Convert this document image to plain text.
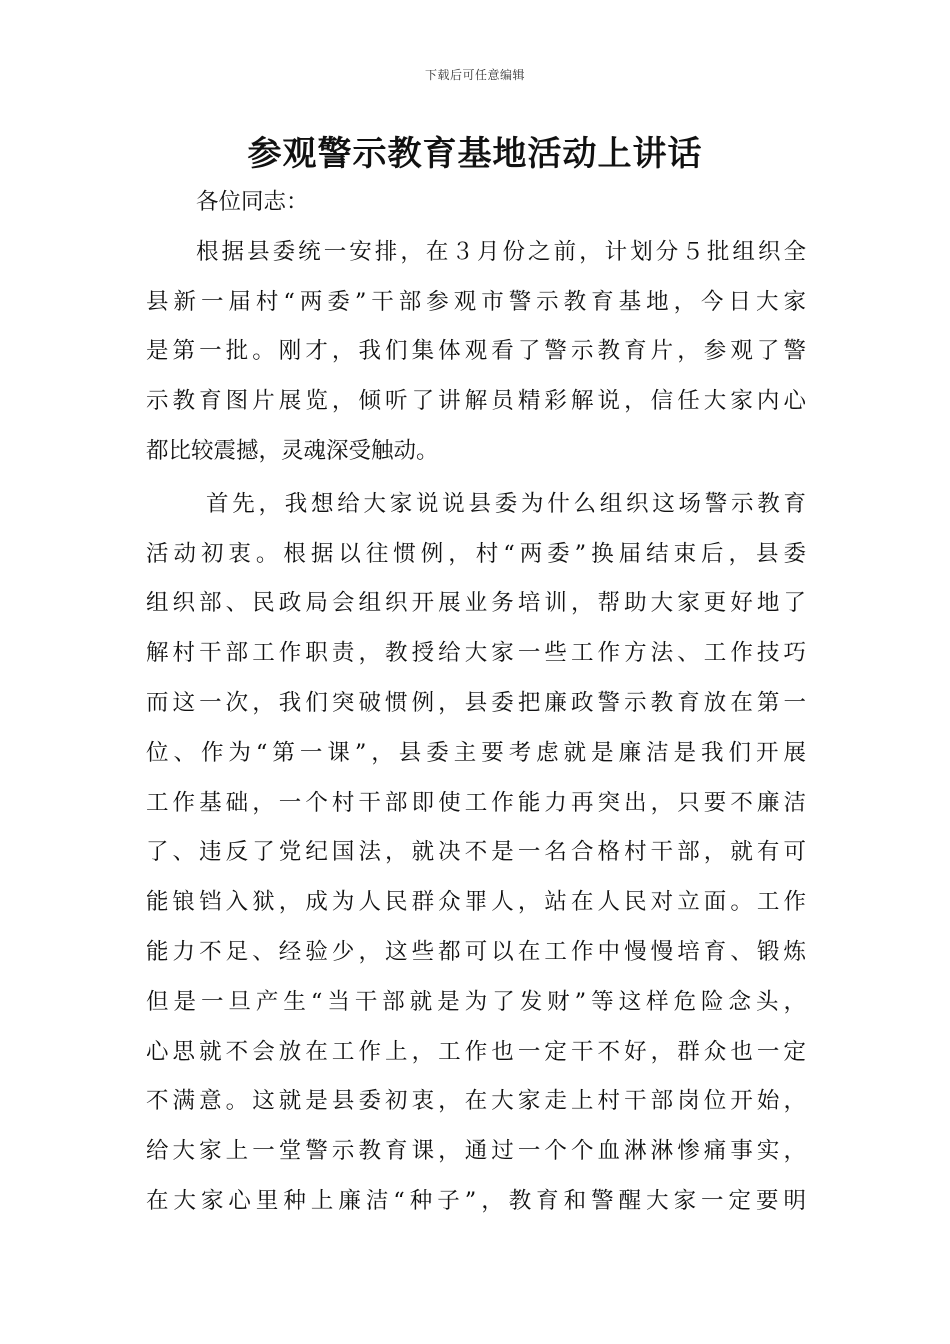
下载后可任意编辑
参观警示教育基地活动上讲话
各位同志：
根据县委统一安排，在３月份之前，计划分５批组织全
县新一届村“两委”干部参观市警示教育基地，今日大家
是第一批。刚才，我们集体观看了警示教育片，参观了警
示教育图片展览，倾听了讲解员精彩解说，信任大家内心
都比较震撼，灵魂深受触动。
首先，我想给大家说说县委为什么组织这场警示教育
活动初衷。根据以往惯例，村“两委”换届结束后，县委
组织部、民政局会组织开展业务培训，帮助大家更好地了
解村干部工作职责，教授给大家一些工作方法、工作技巧
而这一次，我们突破惯例，县委把廉政警示教育放在第一
位、作为“第一课”，县委主要考虑就是廉洁是我们开展
工作基础，一个村干部即使工作能力再突出，只要不廉洁
了、违反了党纪国法，就决不是一名合格村干部，就有可
能锒铛入狱，成为人民群众罪人，站在人民对立面。工作
能力不足、经验少，这些都可以在工作中慢慢培育、锻炼
但是一旦产生“当干部就是为了发财”等这样危险念头，
心思就不会放在工作上，工作也一定干不好，群众也一定
不满意。这就是县委初衷，在大家走上村干部岗位开始，
给大家上一堂警示教育课，通过一个个血淋淋惨痛事实，
在大家心里种上廉洁“种子”，教育和警醒大家一定要明
